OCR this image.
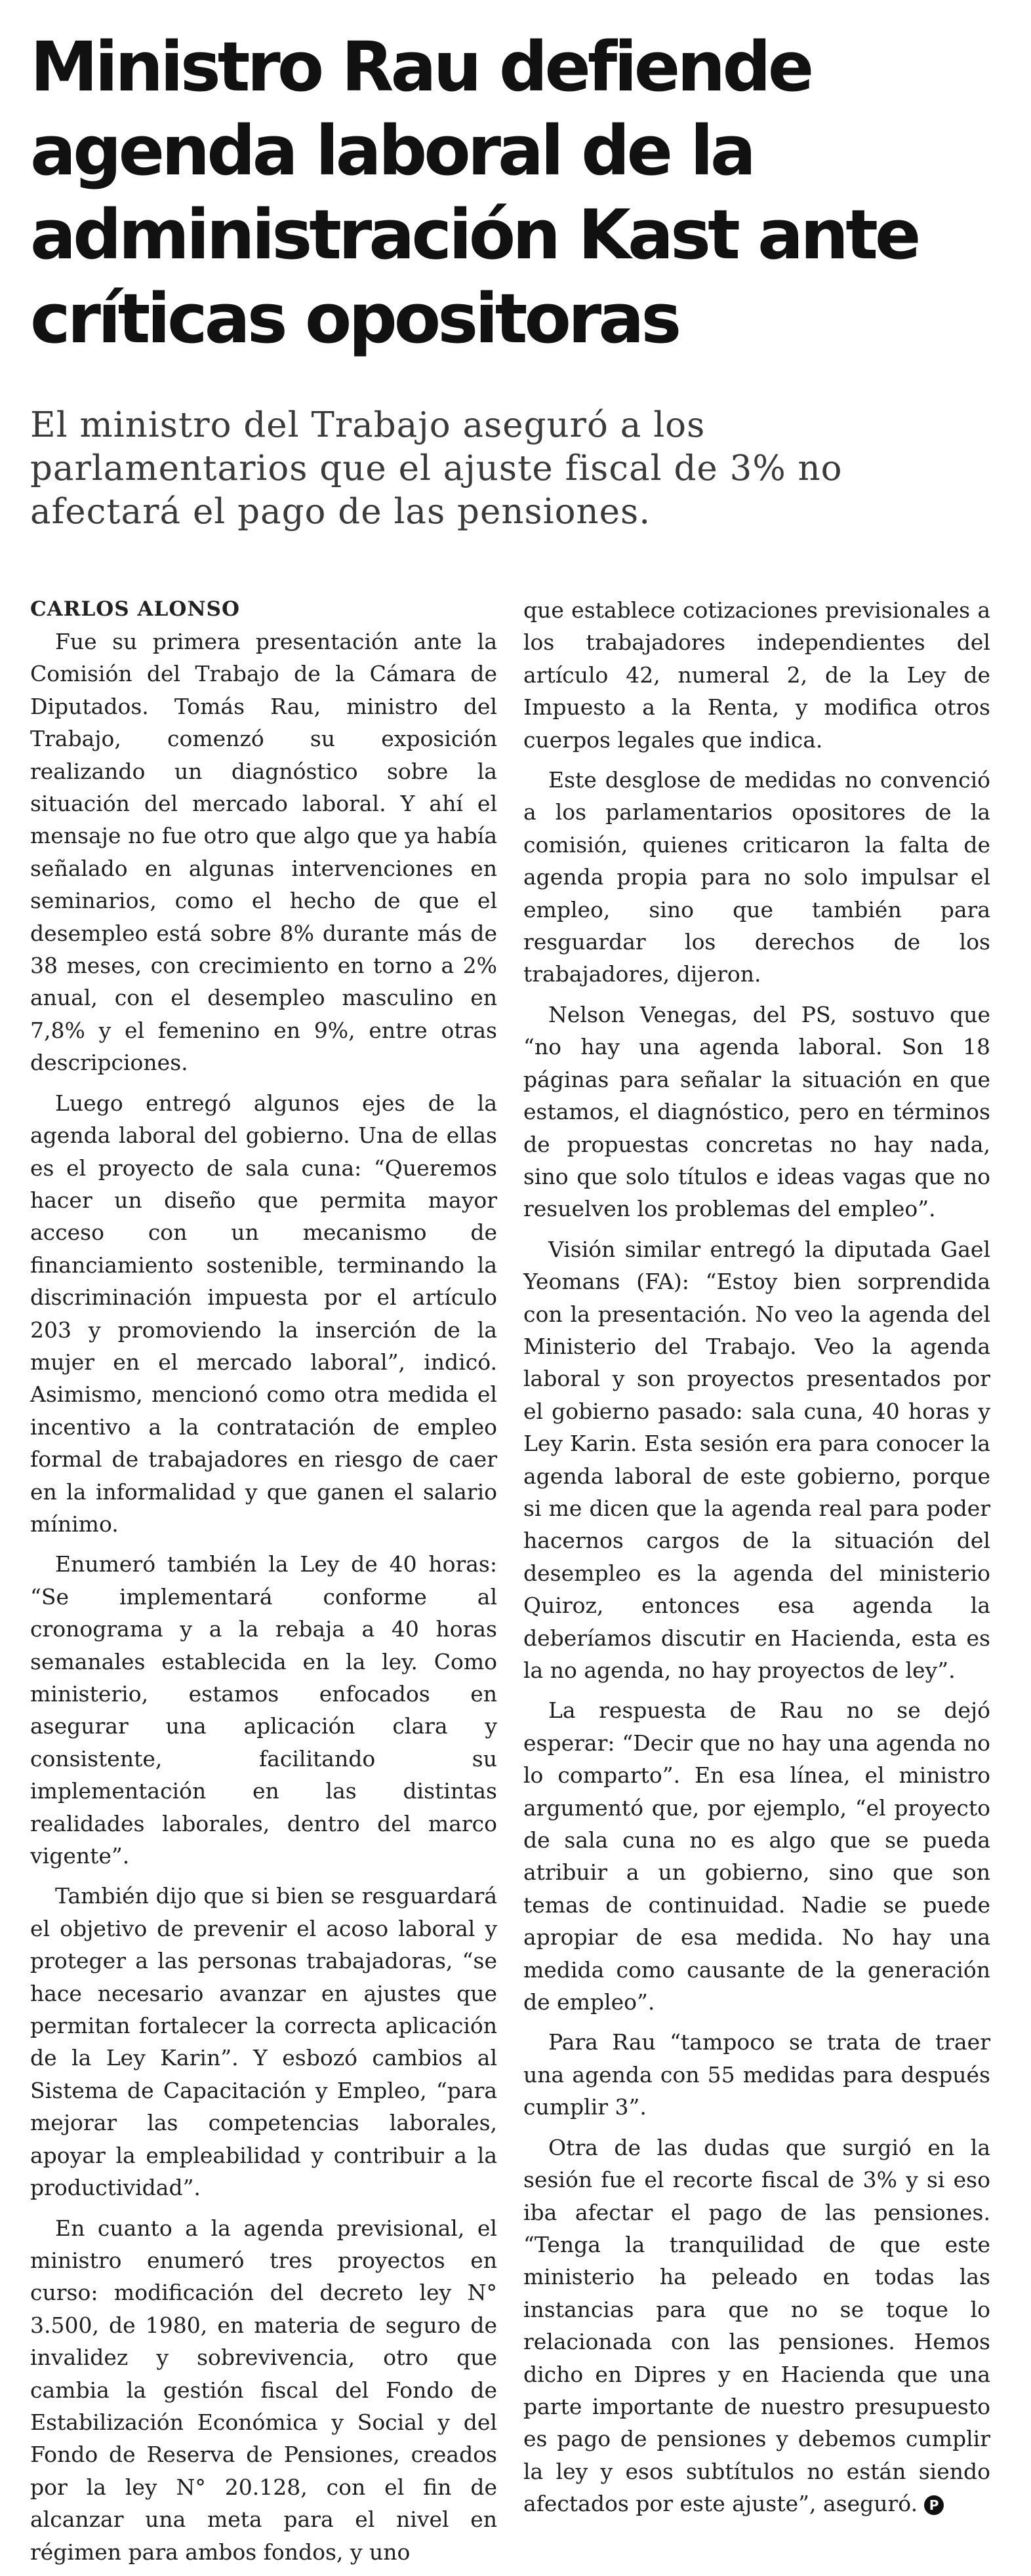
Ministro Rau defiende agenda laboral de la administración Kast ante críticas opositoras

El ministro del Trabajo aseguró a los parlamentarios que el ajuste fiscal de 3% no afectará el pago de las pensiones.

CARLOS ALONSO

Fue su primera presentación ante la Comisión del Trabajo de la Cámara de Diputados. Tomás Rau, ministro del Trabajo, comenzó su exposición realizando un diagnóstico sobre la situación del mercado laboral. Y ahí el mensaje no fue otro que algo que ya había señalado en algunas intervenciones en seminarios, como el hecho de que el desempleo está sobre 8% durante más de 38 meses, con crecimiento en torno a 2% anual, con el desempleo masculino en 7,8% y el femenino en 9%, entre otras descripciones.

Luego entregó algunos ejes de la agenda laboral del gobierno. Una de ellas es el proyecto de sala cuna: “Queremos hacer un diseño que permita mayor acceso con un mecanismo de financiamiento sostenible, terminando la discriminación impuesta por el artículo 203 y promoviendo la inserción de la mujer en el mercado laboral”, indicó. Asimismo, mencionó como otra medida el incentivo a la contratación de empleo formal de trabajadores en riesgo de caer en la informalidad y que ganen el salario mínimo.

Enumeró también la Ley de 40 horas: “Se implementará conforme al cronograma y a la rebaja a 40 horas semanales establecida en la ley. Como ministerio, estamos enfocados en asegurar una aplicación clara y consistente, facilitando su implementación en las distintas realidades laborales, dentro del marco vigente”.

También dijo que si bien se resguardará el objetivo de prevenir el acoso laboral y proteger a las personas trabajadoras, “se hace necesario avanzar en ajustes que permitan fortalecer la correcta aplicación de la Ley Karin”. Y esbozó cambios al Sistema de Capacitación y Empleo, “para mejorar las competencias laborales, apoyar la empleabilidad y contribuir a la productividad”.

En cuanto a la agenda previsional, el ministro enumeró tres proyectos en curso: modificación del decreto ley N° 3.500, de 1980, en materia de seguro de invalidez y sobrevivencia, otro que cambia la gestión fiscal del Fondo de Estabilización Económica y Social y del Fondo de Reserva de Pensiones, creados por la ley N° 20.128, con el fin de alcanzar una meta para el nivel en régimen para ambos fondos, y uno

que establece cotizaciones previsionales a los trabajadores independientes del artículo 42, numeral 2, de la Ley de Impuesto a la Renta, y modifica otros cuerpos legales que indica.

Este desglose de medidas no convenció a los parlamentarios opositores de la comisión, quienes criticaron la falta de agenda propia para no solo impulsar el empleo, sino que también para resguardar los derechos de los trabajadores, dijeron.

Nelson Venegas, del PS, sostuvo que “no hay una agenda laboral. Son 18 páginas para señalar la situación en que estamos, el diagnóstico, pero en términos de propuestas concretas no hay nada, sino que solo títulos e ideas vagas que no resuelven los problemas del empleo”.

Visión similar entregó la diputada Gael Yeomans (FA): “Estoy bien sorprendida con la presentación. No veo la agenda del Ministerio del Trabajo. Veo la agenda laboral y son proyectos presentados por el gobierno pasado: sala cuna, 40 horas y Ley Karin. Esta sesión era para conocer la agenda laboral de este gobierno, porque si me dicen que la agenda real para poder hacernos cargos de la situación del desempleo es la agenda del ministerio Quiroz, entonces esa agenda la deberíamos discutir en Hacienda, esta es la no agenda, no hay proyectos de ley”.

La respuesta de Rau no se dejó esperar: “Decir que no hay una agenda no lo comparto”. En esa línea, el ministro argumentó que, por ejemplo, “el proyecto de sala cuna no es algo que se pueda atribuir a un gobierno, sino que son temas de continuidad. Nadie se puede apropiar de esa medida. No hay una medida como causante de la generación de empleo”.

Para Rau “tampoco se trata de traer una agenda con 55 medidas para después cumplir 3”.

Otra de las dudas que surgió en la sesión fue el recorte fiscal de 3% y si eso iba afectar el pago de las pensiones. “Tenga la tranquilidad de que este ministerio ha peleado en todas las instancias para que no se toque lo relacionada con las pensiones. Hemos dicho en Dipres y en Hacienda que una parte importante de nuestro presupuesto es pago de pensiones y debemos cumplir la ley y esos subtítulos no están siendo afectados por este ajuste”, aseguró. P
